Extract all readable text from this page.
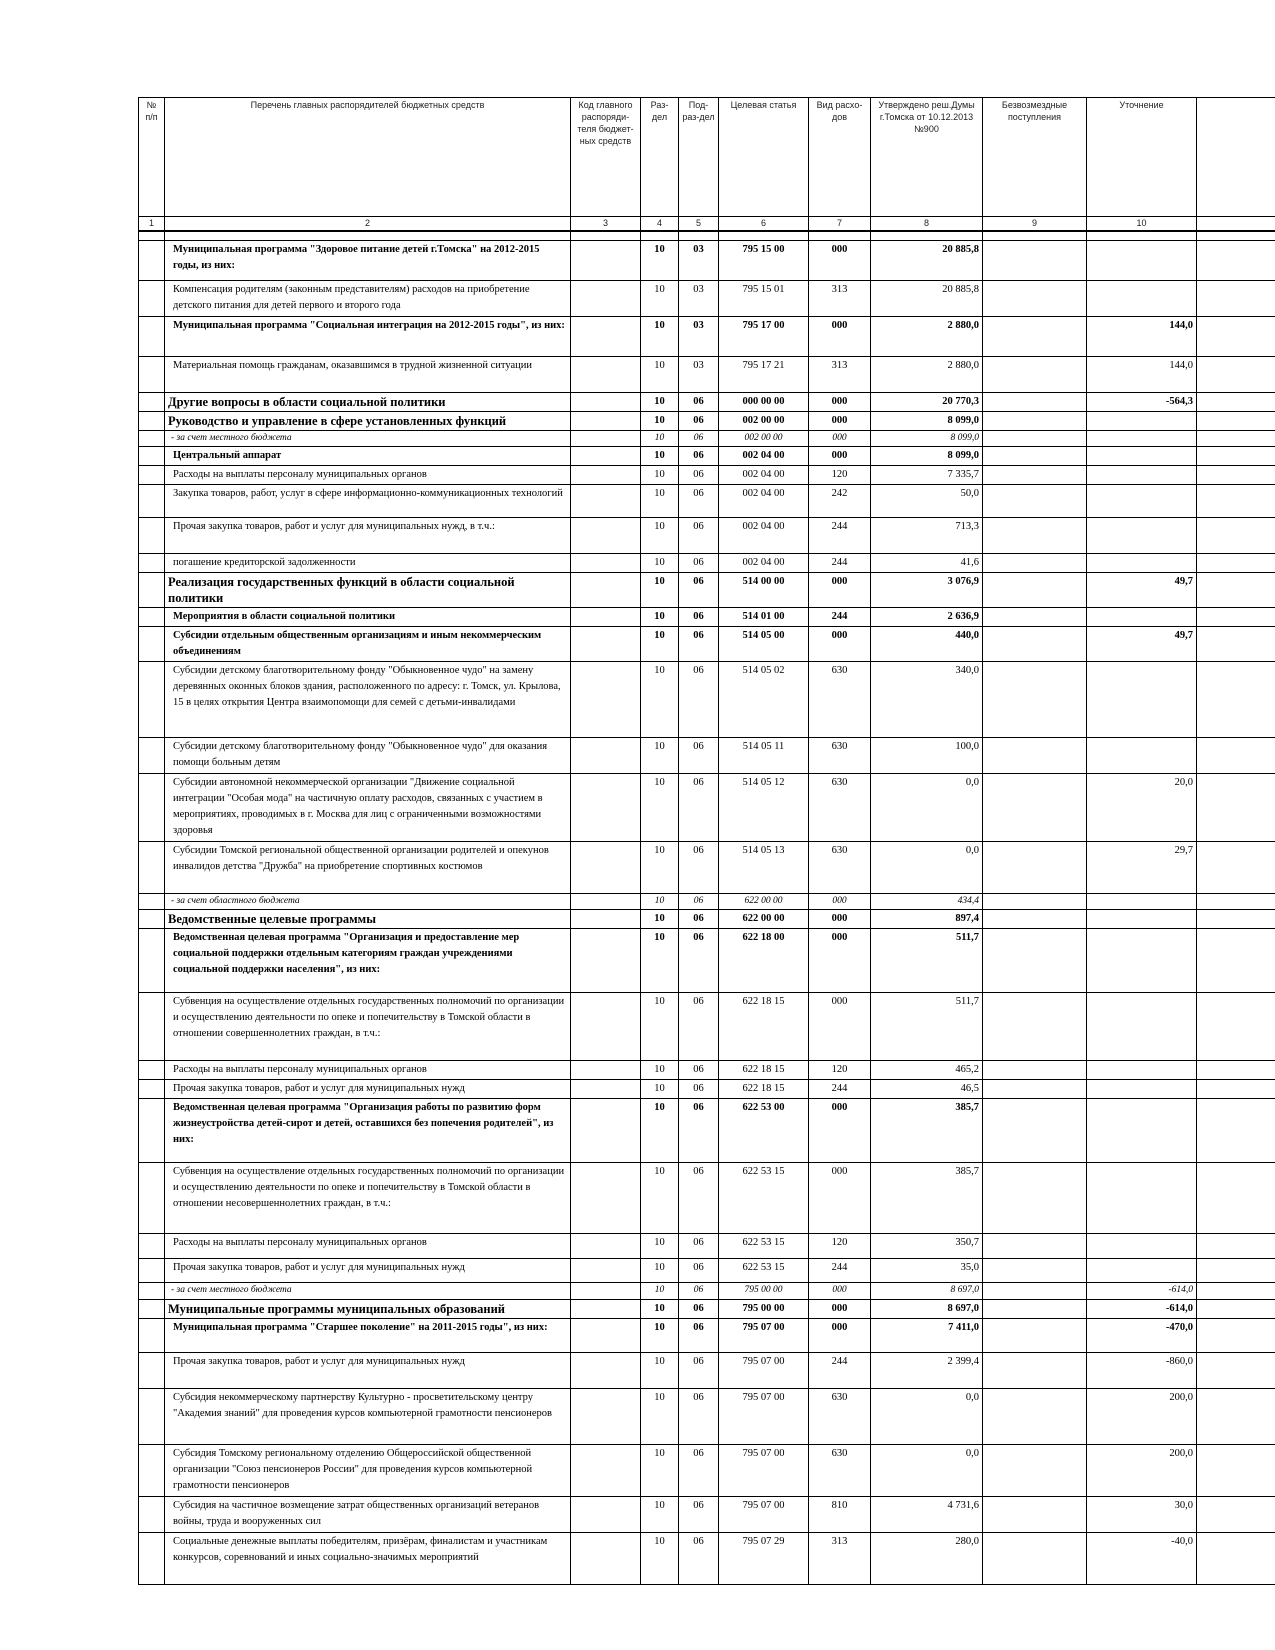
№ п/п	Перечень главных распорядителей бюджетных средств	Код главного распоряди-теля бюджет-ных средств	Раз-дел	Под-раз-дел	Целевая статья	Вид расхо-дов	Утверждено реш.Думы г.Томска от 10.12.2013 №900	Безвозмездные поступления	Уточнение	
1	2	3	4	5	6	7	8	9	10	

	Муниципальная программа "Здоровое питание детей г.Томска" на 2012-2015 годы, из них:		10	03	795 15 00	000	20 885,8			
	Компенсация родителям (законным представителям) расходов на приобретение детского питания для детей первого и второго года		10	03	795 15 01	313	20 885,8			
	Муниципальная программа "Социальная интеграция на 2012-2015 годы", из них:		10	03	795 17 00	000	2 880,0		144,0	
	Материальная помощь гражданам, оказавшимся в трудной жизненной ситуации		10	03	795 17 21	313	2 880,0		144,0	
	Другие вопросы в области социальной политики		10	06	000 00 00	000	20 770,3		-564,3	
	Руководство и управление в сфере установленных функций		10	06	002 00 00	000	8 099,0			
	- за счет местного бюджета		10	06	002 00 00	000	8 099,0			
	Центральный аппарат		10	06	002 04 00	000	8 099,0			
	Расходы на выплаты персоналу муниципальных органов		10	06	002 04 00	120	7 335,7			
	Закупка товаров, работ, услуг в сфере информационно-коммуникационных технологий		10	06	002 04 00	242	50,0			
	Прочая закупка товаров, работ и услуг для муниципальных нужд, в т.ч.:		10	06	002 04 00	244	713,3			
	погашение кредиторской задолженности		10	06	002 04 00	244	41,6			
	Реализация государственных функций в области социальной политики		10	06	514 00 00	000	3 076,9		49,7	
	Мероприятия в области социальной политики		10	06	514 01 00	244	2 636,9			
	Субсидии отдельным общественным организациям и иным некоммерческим объединениям		10	06	514 05 00	000	440,0		49,7	
	Субсидии детскому благотворительному фонду "Обыкновенное чудо" на замену деревянных оконных блоков здания, расположенного по адресу: г. Томск, ул. Крылова, 15 в целях открытия Центра взаимопомощи для семей с детьми-инвалидами		10	06	514 05 02	630	340,0			
	Субсидии детскому благотворительному фонду "Обыкновенное чудо" для оказания помощи больным детям		10	06	514 05 11	630	100,0			
	Субсидии автономной некоммерческой организации "Движение социальной интеграции "Особая мода" на частичную оплату расходов, связанных с участием в мероприятиях, проводимых в г. Москва для лиц с ограниченными возможностями здоровья		10	06	514 05 12	630	0,0		20,0	
	Субсидии Томской региональной общественной организации родителей и опекунов инвалидов детства "Дружба" на приобретение спортивных костюмов		10	06	514 05 13	630	0,0		29,7	
	- за счет областного бюджета		10	06	622 00 00	000	434,4			
	Ведомственные целевые программы		10	06	622 00 00	000	897,4			
	Ведомственная целевая программа "Организация и предоставление мер социальной поддержки отдельным категориям граждан учреждениями социальной поддержки населения", из них:		10	06	622 18 00	000	511,7			
	Субвенция на осуществление отдельных государственных полномочий по организации и осуществлению деятельности по опеке и попечительству в Томской области в отношении совершеннолетних граждан, в т.ч.:		10	06	622 18 15	000	511,7			
	Расходы на выплаты персоналу муниципальных органов		10	06	622 18 15	120	465,2			
	Прочая закупка товаров, работ и услуг для муниципальных нужд		10	06	622 18 15	244	46,5			
	Ведомственная целевая программа "Организация работы по развитию форм жизнеустройства детей-сирот и детей, оставшихся без попечения родителей", из них:		10	06	622 53 00	000	385,7			
	Субвенция на осуществление отдельных государственных полномочий по организации и осуществлению деятельности по опеке и попечительству в Томской области в отношении несовершеннолетних граждан, в т.ч.:		10	06	622 53 15	000	385,7			
	Расходы на выплаты персоналу муниципальных органов		10	06	622 53 15	120	350,7			
	Прочая закупка товаров, работ и услуг для муниципальных нужд		10	06	622 53 15	244	35,0			
	- за счет местного бюджета		10	06	795 00 00	000	8 697,0		-614,0	
	Муниципальные программы муниципальных образований		10	06	795 00 00	000	8 697,0		-614,0	
	Муниципальная программа "Старшее поколение" на 2011-2015 годы", из них:		10	06	795 07 00	000	7 411,0		-470,0	
	Прочая закупка товаров, работ и услуг для муниципальных нужд		10	06	795 07 00	244	2 399,4		-860,0	
	Субсидия некоммерческому партнерству Культурно - просветительскому центру "Академия знаний" для проведения курсов компьютерной грамотности пенсионеров		10	06	795 07 00	630	0,0		200,0	
	Субсидия Томскому региональному отделению Общероссийской общественной организации "Союз пенсионеров России" для проведения курсов компьютерной грамотности пенсионеров		10	06	795 07 00	630	0,0		200,0	
	Субсидия на частичное возмещение затрат общественных организаций ветеранов войны, труда и вооруженных сил		10	06	795 07 00	810	4 731,6		30,0	
	Социальные денежные выплаты победителям, призёрам, финалистам и участникам конкурсов, соревнований и иных социально-значимых мероприятий		10	06	795 07 29	313	280,0		-40,0	
